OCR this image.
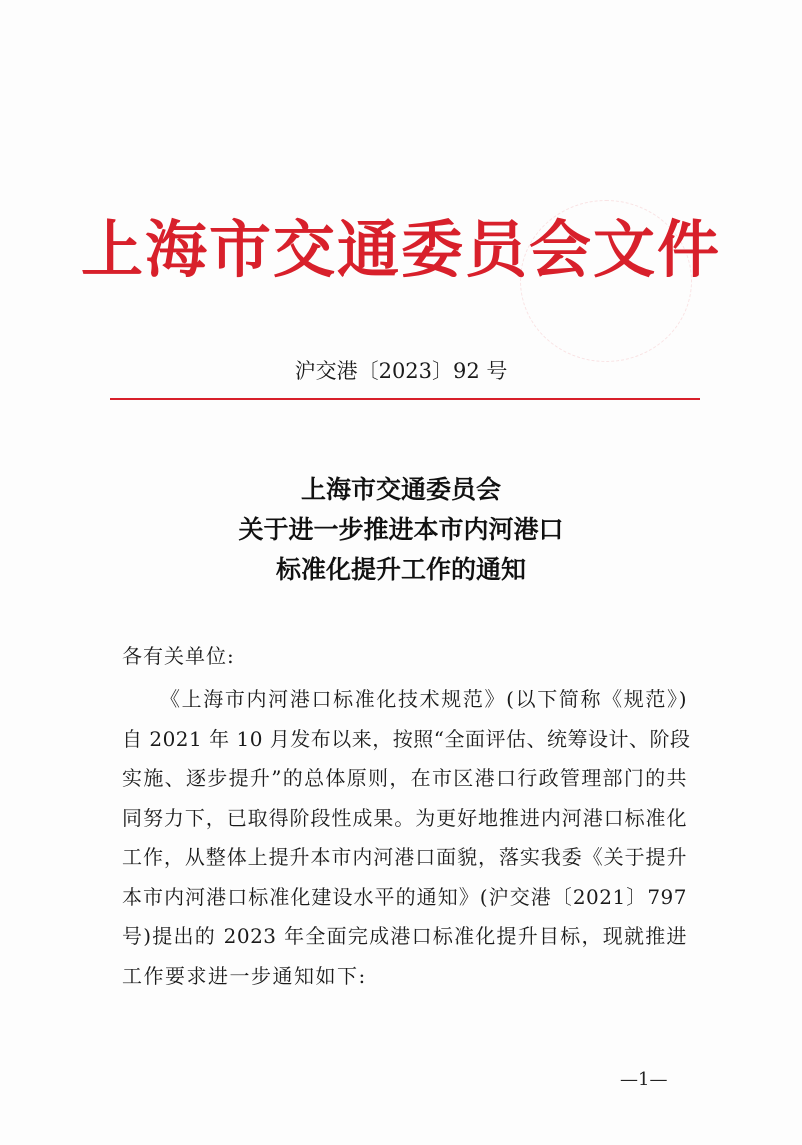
上海市交通委员会文件
沪交港〔2023〕92 号
上海市交通委员会
关于进一步推进本市内河港口
标准化提升工作的通知
各有关单位:
《上海市内河港口标准化技术规范》(以下简称《规范》)
自 2021 年 10 月发布以来，按照“全面评估、统筹设计、阶段
实施、逐步提升”的总体原则，在市区港口行政管理部门的共
同努力下，已取得阶段性成果。为更好地推进内河港口标准化
工作，从整体上提升本市内河港口面貌，落实我委《关于提升
本市内河港口标准化建设水平的通知》(沪交港〔2021〕797
号)提出的 2023 年全面完成港口标准化提升目标，现就推进
工作要求进一步通知如下:
—1—
